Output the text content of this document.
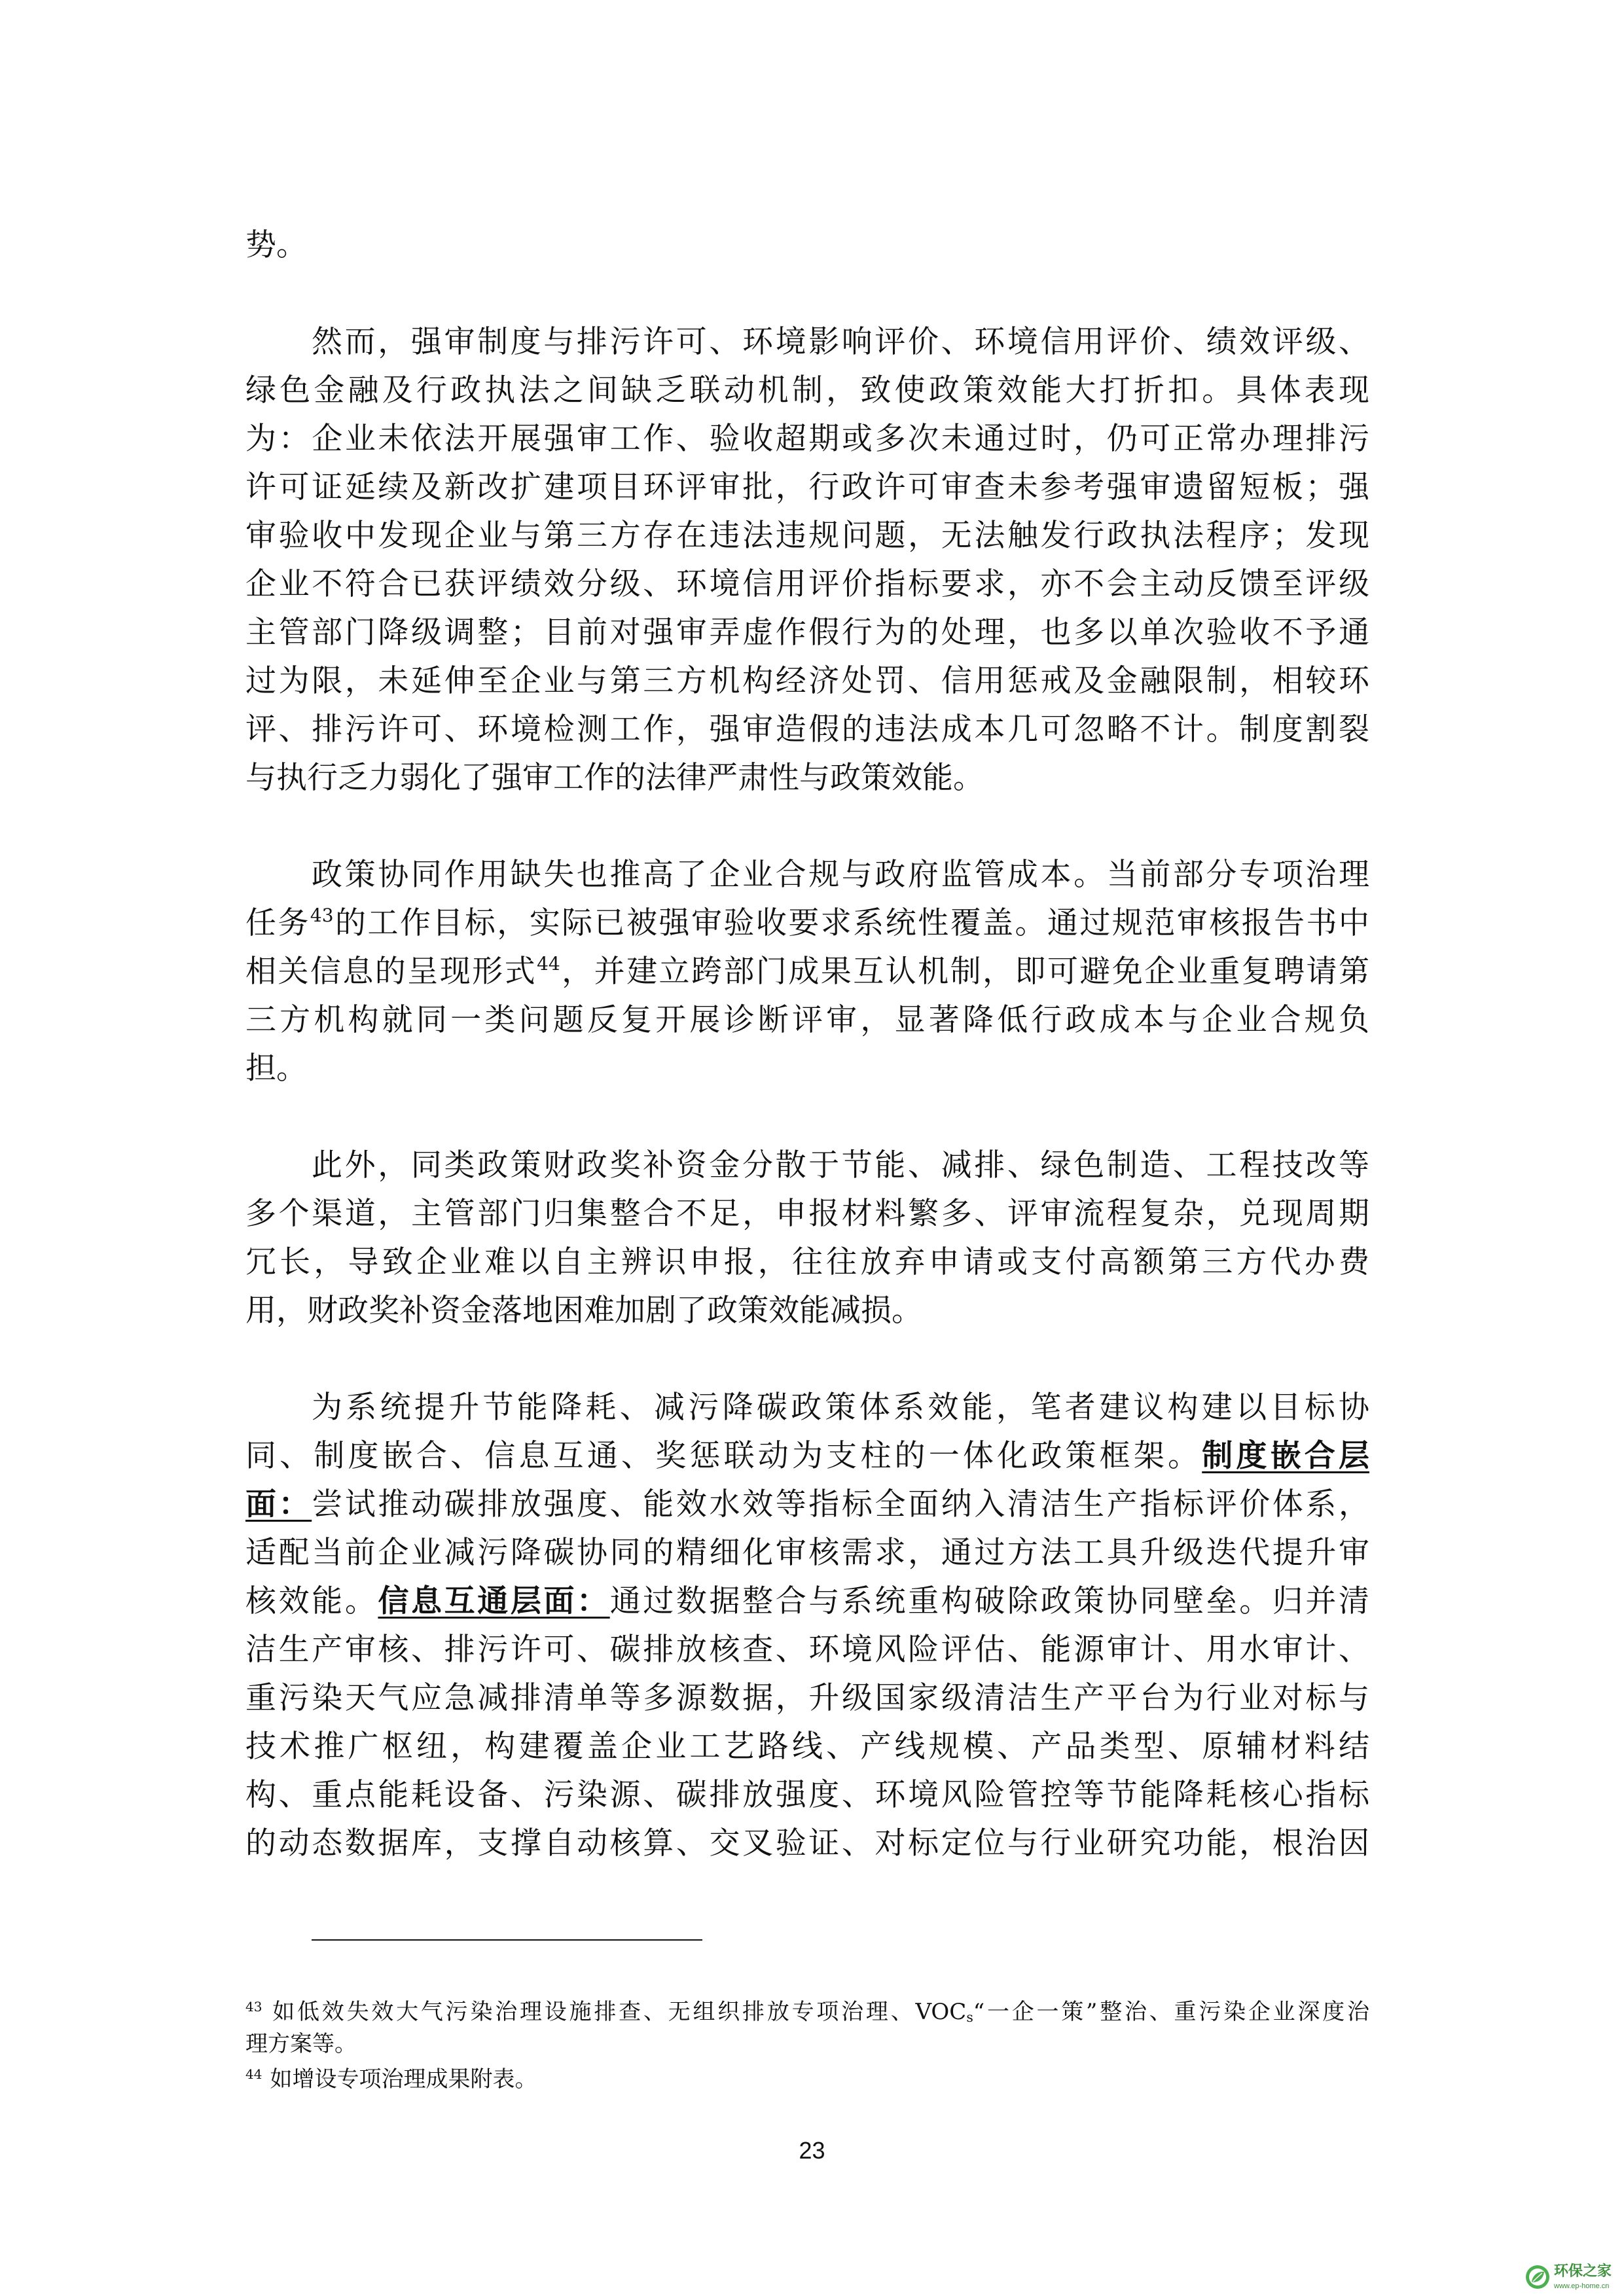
势。
然而，强审制度与排污许可、环境影响评价、环境信用评价、绩效评级、
绿色金融及行政执法之间缺乏联动机制，致使政策效能大打折扣。具体表现
为：企业未依法开展强审工作、验收超期或多次未通过时，仍可正常办理排污
许可证延续及新改扩建项目环评审批，行政许可审查未参考强审遗留短板；强
审验收中发现企业与第三方存在违法违规问题，无法触发行政执法程序；发现
企业不符合已获评绩效分级、环境信用评价指标要求，亦不会主动反馈至评级
主管部门降级调整；目前对强审弄虚作假行为的处理，也多以单次验收不予通
过为限，未延伸至企业与第三方机构经济处罚、信用惩戒及金融限制，相较环
评、排污许可、环境检测工作，强审造假的违法成本几可忽略不计。制度割裂
与执行乏力弱化了强审工作的法律严肃性与政策效能。
政策协同作用缺失也推高了企业合规与政府监管成本。当前部分专项治理
任务$^{43}$的工作目标，实际已被强审验收要求系统性覆盖。通过规范审核报告书中
相关信息的呈现形式$^{44}$，并建立跨部门成果互认机制，即可避免企业重复聘请第
三方机构就同一类问题反复开展诊断评审，显著降低行政成本与企业合规负
担。
此外，同类政策财政奖补资金分散于节能、减排、绿色制造、工程技改等
多个渠道，主管部门归集整合不足，申报材料繁多、评审流程复杂，兑现周期
冗长，导致企业难以自主辨识申报，往往放弃申请或支付高额第三方代办费
用，财政奖补资金落地困难加剧了政策效能减损。
为系统提升节能降耗、减污降碳政策体系效能，笔者建议构建以目标协
同、制度嵌合、信息互通、奖惩联动为支柱的一体化政策框架。制度嵌合层
面：尝试推动碳排放强度、能效水效等指标全面纳入清洁生产指标评价体系，
适配当前企业减污降碳协同的精细化审核需求，通过方法工具升级迭代提升审
核效能。信息互通层面：通过数据整合与系统重构破除政策协同壁垒。归并清
洁生产审核、排污许可、碳排放核查、环境风险评估、能源审计、用水审计、
重污染天气应急减排清单等多源数据，升级国家级清洁生产平台为行业对标与
技术推广枢纽，构建覆盖企业工艺路线、产线规模、产品类型、原辅材料结
构、重点能耗设备、污染源、碳排放强度、环境风险管控等节能降耗核心指标
的动态数据库，支撑自动核算、交叉验证、对标定位与行业研究功能，根治因
$^{43}$ 如低效失效大气污染治理设施排查、无组织排放专项治理、$VOC_s“$一企一策”整治、重污染企业深度治
理方案等。
$^{44}$ 如增设专项治理成果附表。
23
环保之家
www.ep-home.cn
